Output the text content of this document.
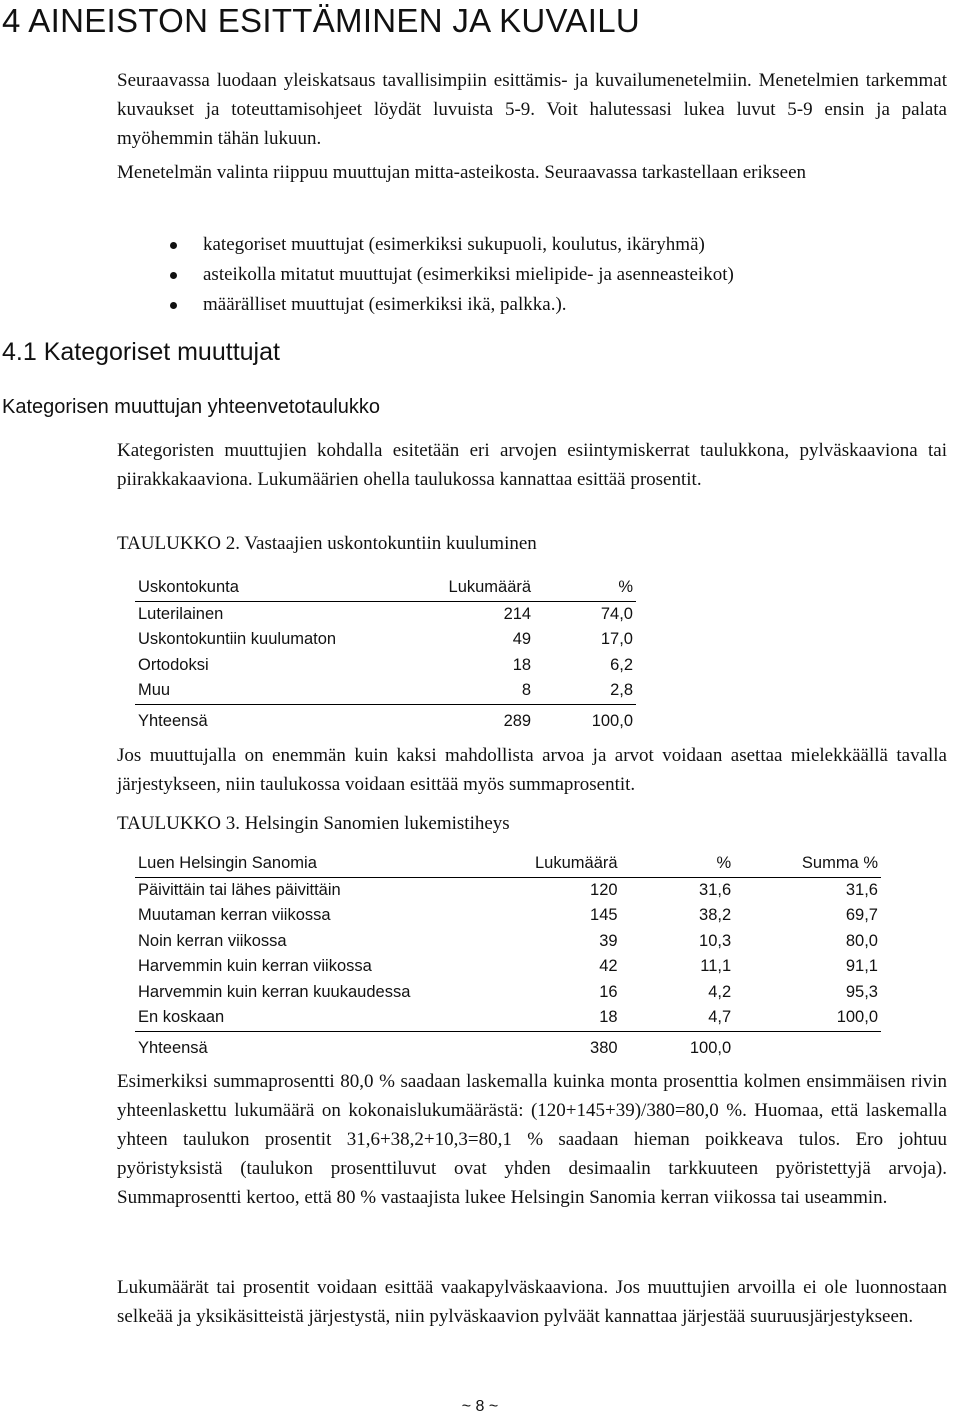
4 AINEISTON ESITTÄMINEN JA KUVAILU

Seuraavassa luodaan yleiskatsaus tavallisimpiin esittämis- ja kuvailumenetelmiin. Menetelmien tarkemmat kuvaukset ja toteuttamisohjeet löydät luvuista 5-9. Voit halutessasi lukea luvut 5-9 ensin ja palata myöhemmin tähän lukuun.

Menetelmän valinta riippuu muuttujan mitta-asteikosta. Seuraavassa tarkastellaan erikseen

kategoriset muuttujat (esimerkiksi sukupuoli, koulutus, ikäryhmä)
asteikolla mitatut muuttujat (esimerkiksi mielipide- ja asenneasteikot)
määrälliset muuttujat (esimerkiksi ikä, palkka.).
4.1 Kategoriset muuttujat
Kategorisen muuttujan yhteenvetotaulukko

Kategoristen muuttujien kohdalla esitetään eri arvojen esiintymiskerrat taulukkona, pylväskaaviona tai piirakkakaaviona. Lukumäärien ohella taulukossa kannattaa esittää prosentit.

TAULUKKO 2. Vastaajien uskontokuntiin kuuluminen

Uskontokunta	Lukumäärä	%
Luterilainen	214	74,0
Uskontokuntiin kuulumaton	49	17,0
Ortodoksi	18	6,2
Muu	8	2,8
Yhteensä	289	100,0

Jos muuttujalla on enemmän kuin kaksi mahdollista arvoa ja arvot voidaan asettaa mielekkäällä tavalla järjestykseen, niin taulukossa voidaan esittää myös summaprosentit.

TAULUKKO 3. Helsingin Sanomien lukemistiheys

Luen Helsingin Sanomia	Lukumäärä	%	Summa %
Päivittäin tai lähes päivittäin	120	31,6	31,6
Muutaman kerran viikossa	145	38,2	69,7
Noin kerran viikossa	39	10,3	80,0
Harvemmin kuin kerran viikossa	42	11,1	91,1
Harvemmin kuin kerran kuukaudessa	16	4,2	95,3
En koskaan	18	4,7	100,0
Yhteensä	380	100,0	

Esimerkiksi summaprosentti 80,0 % saadaan laskemalla kuinka monta prosenttia kolmen ensimmäisen rivin yhteenlaskettu lukumäärä on kokonaislukumäärästä: (120+145+39)/380=80,0 %. Huomaa, että laskemalla yhteen taulukon prosentit 31,6+38,2+10,3=80,1 % saadaan hieman poikkeava tulos. Ero johtuu pyöristyksistä (taulukon prosenttiluvut ovat yhden desimaalin tarkkuuteen pyöristettyjä arvoja). Summaprosentti kertoo, että 80 % vastaajista lukee Helsingin Sanomia kerran viikossa tai useammin.

Lukumäärät tai prosentit voidaan esittää vaakapylväskaaviona. Jos muuttujien arvoilla ei ole luonnostaan selkeää ja yksikäsitteistä järjestystä, niin pylväskaavion pylväät kannattaa järjestää suuruusjärjestykseen.

~ 8 ~
